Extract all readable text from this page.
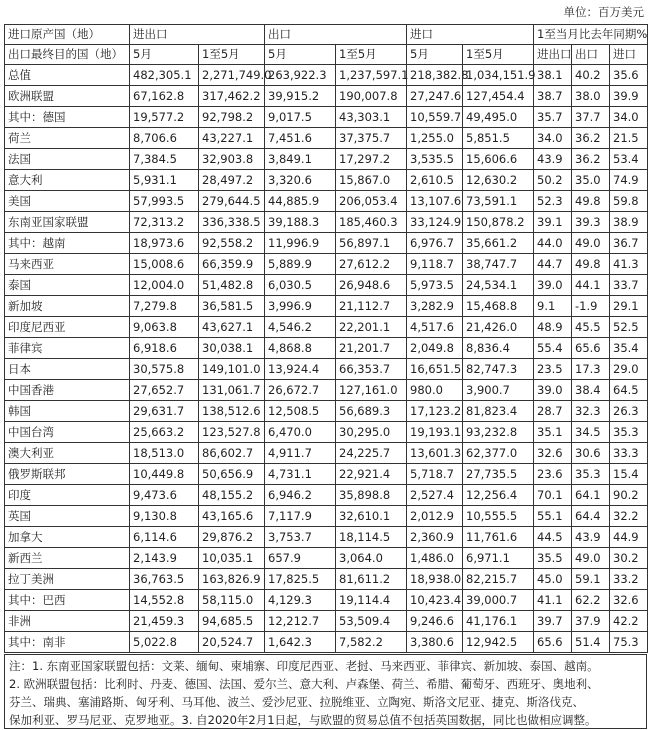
单位：百万美元
进口原产国（地）	进出口		出口		进口		1至当月比去年同期%		
出口最终目的国（地）	5月	1至5月	5月	1至5月	5月	1至5月	进出口	出口	进口
总值	482,305.1	2,271,749.0	263,922.3	1,237,597.1	218,382.8	1,034,151.9	38.1	40.2	35.6
欧洲联盟	67,162.8	317,462.2	39,915.2	190,007.8	27,247.6	127,454.4	38.7	38.0	39.9
其中：德国	19,577.2	92,798.2	9,017.5	43,303.1	10,559.7	49,495.0	35.7	37.7	34.0
荷兰	8,706.6	43,227.1	7,451.6	37,375.7	1,255.0	5,851.5	34.0	36.2	21.5
法国	7,384.5	32,903.8	3,849.1	17,297.2	3,535.5	15,606.6	43.9	36.2	53.4
意大利	5,931.1	28,497.2	3,320.6	15,867.0	2,610.5	12,630.2	50.2	35.0	74.9
美国	57,993.5	279,644.5	44,885.9	206,053.4	13,107.6	73,591.1	52.3	49.8	59.8
东南亚国家联盟	72,313.2	336,338.5	39,188.3	185,460.3	33,124.9	150,878.2	39.1	39.3	38.9
其中：越南	18,973.6	92,558.2	11,996.9	56,897.1	6,976.7	35,661.2	44.0	49.0	36.7
马来西亚	15,008.6	66,359.9	5,889.9	27,612.2	9,118.7	38,747.7	44.7	49.8	41.3
泰国	12,004.0	51,482.8	6,030.5	26,948.6	5,973.5	24,534.1	39.0	44.1	33.7
新加坡	7,279.8	36,581.5	3,996.9	21,112.7	3,282.9	15,468.8	9.1	-1.9	29.1
印度尼西亚	9,063.8	43,627.1	4,546.2	22,201.1	4,517.6	21,426.0	48.9	45.5	52.5
菲律宾	6,918.6	30,038.1	4,868.8	21,201.7	2,049.8	8,836.4	55.4	65.6	35.4
日本	30,575.8	149,101.0	13,924.4	66,353.7	16,651.5	82,747.3	23.5	17.3	29.0
中国香港	27,652.7	131,061.7	26,672.7	127,161.0	980.0	3,900.7	39.0	38.4	64.5
韩国	29,631.7	138,512.6	12,508.5	56,689.3	17,123.2	81,823.4	28.7	32.3	26.3
中国台湾	25,663.2	123,527.8	6,470.0	30,295.0	19,193.1	93,232.8	35.1	34.5	35.3
澳大利亚	18,513.0	86,602.7	4,911.7	24,225.7	13,601.3	62,377.0	32.6	30.6	33.3
俄罗斯联邦	10,449.8	50,656.9	4,731.1	22,921.4	5,718.7	27,735.5	23.6	35.3	15.4
印度	9,473.6	48,155.2	6,946.2	35,898.8	2,527.4	12,256.4	70.1	64.1	90.2
英国	9,130.8	43,165.6	7,117.9	32,610.1	2,012.9	10,555.5	55.1	64.4	32.2
加拿大	6,114.6	29,876.2	3,753.7	18,114.5	2,360.9	11,761.6	44.5	43.9	44.9
新西兰	2,143.9	10,035.1	657.9	3,064.0	1,486.0	6,971.1	35.5	49.0	30.2
拉丁美洲	36,763.5	163,826.9	17,825.5	81,611.2	18,938.0	82,215.7	45.0	59.1	33.2
其中：巴西	14,552.8	58,115.0	4,129.3	19,114.4	10,423.4	39,000.7	41.1	62.2	32.6
非洲	21,459.3	94,685.5	12,212.7	53,509.4	9,246.6	41,176.1	39.7	37.9	42.2
其中：南非	5,022.8	20,524.7	1,642.3	7,582.2	3,380.6	12,942.5	65.6	51.4	75.3
注：1. 东南亚国家联盟包括：文莱、缅甸、柬埔寨、印度尼西亚、老挝、马来西亚、菲律宾、新加坡、泰国、越南。
2. 欧洲联盟包括：比利时、丹麦、德国、法国、爱尔兰、意大利、卢森堡、荷兰、希腊、葡萄牙、西班牙、奥地利、
芬兰、瑞典、塞浦路斯、匈牙利、马耳他、波兰、爱沙尼亚、拉脱维亚、立陶宛、斯洛文尼亚、捷克、斯洛伐克、
保加利亚、罗马尼亚、克罗地亚。3. 自2020年2月1日起，与欧盟的贸易总值不包括英国数据，同比也做相应调整。
